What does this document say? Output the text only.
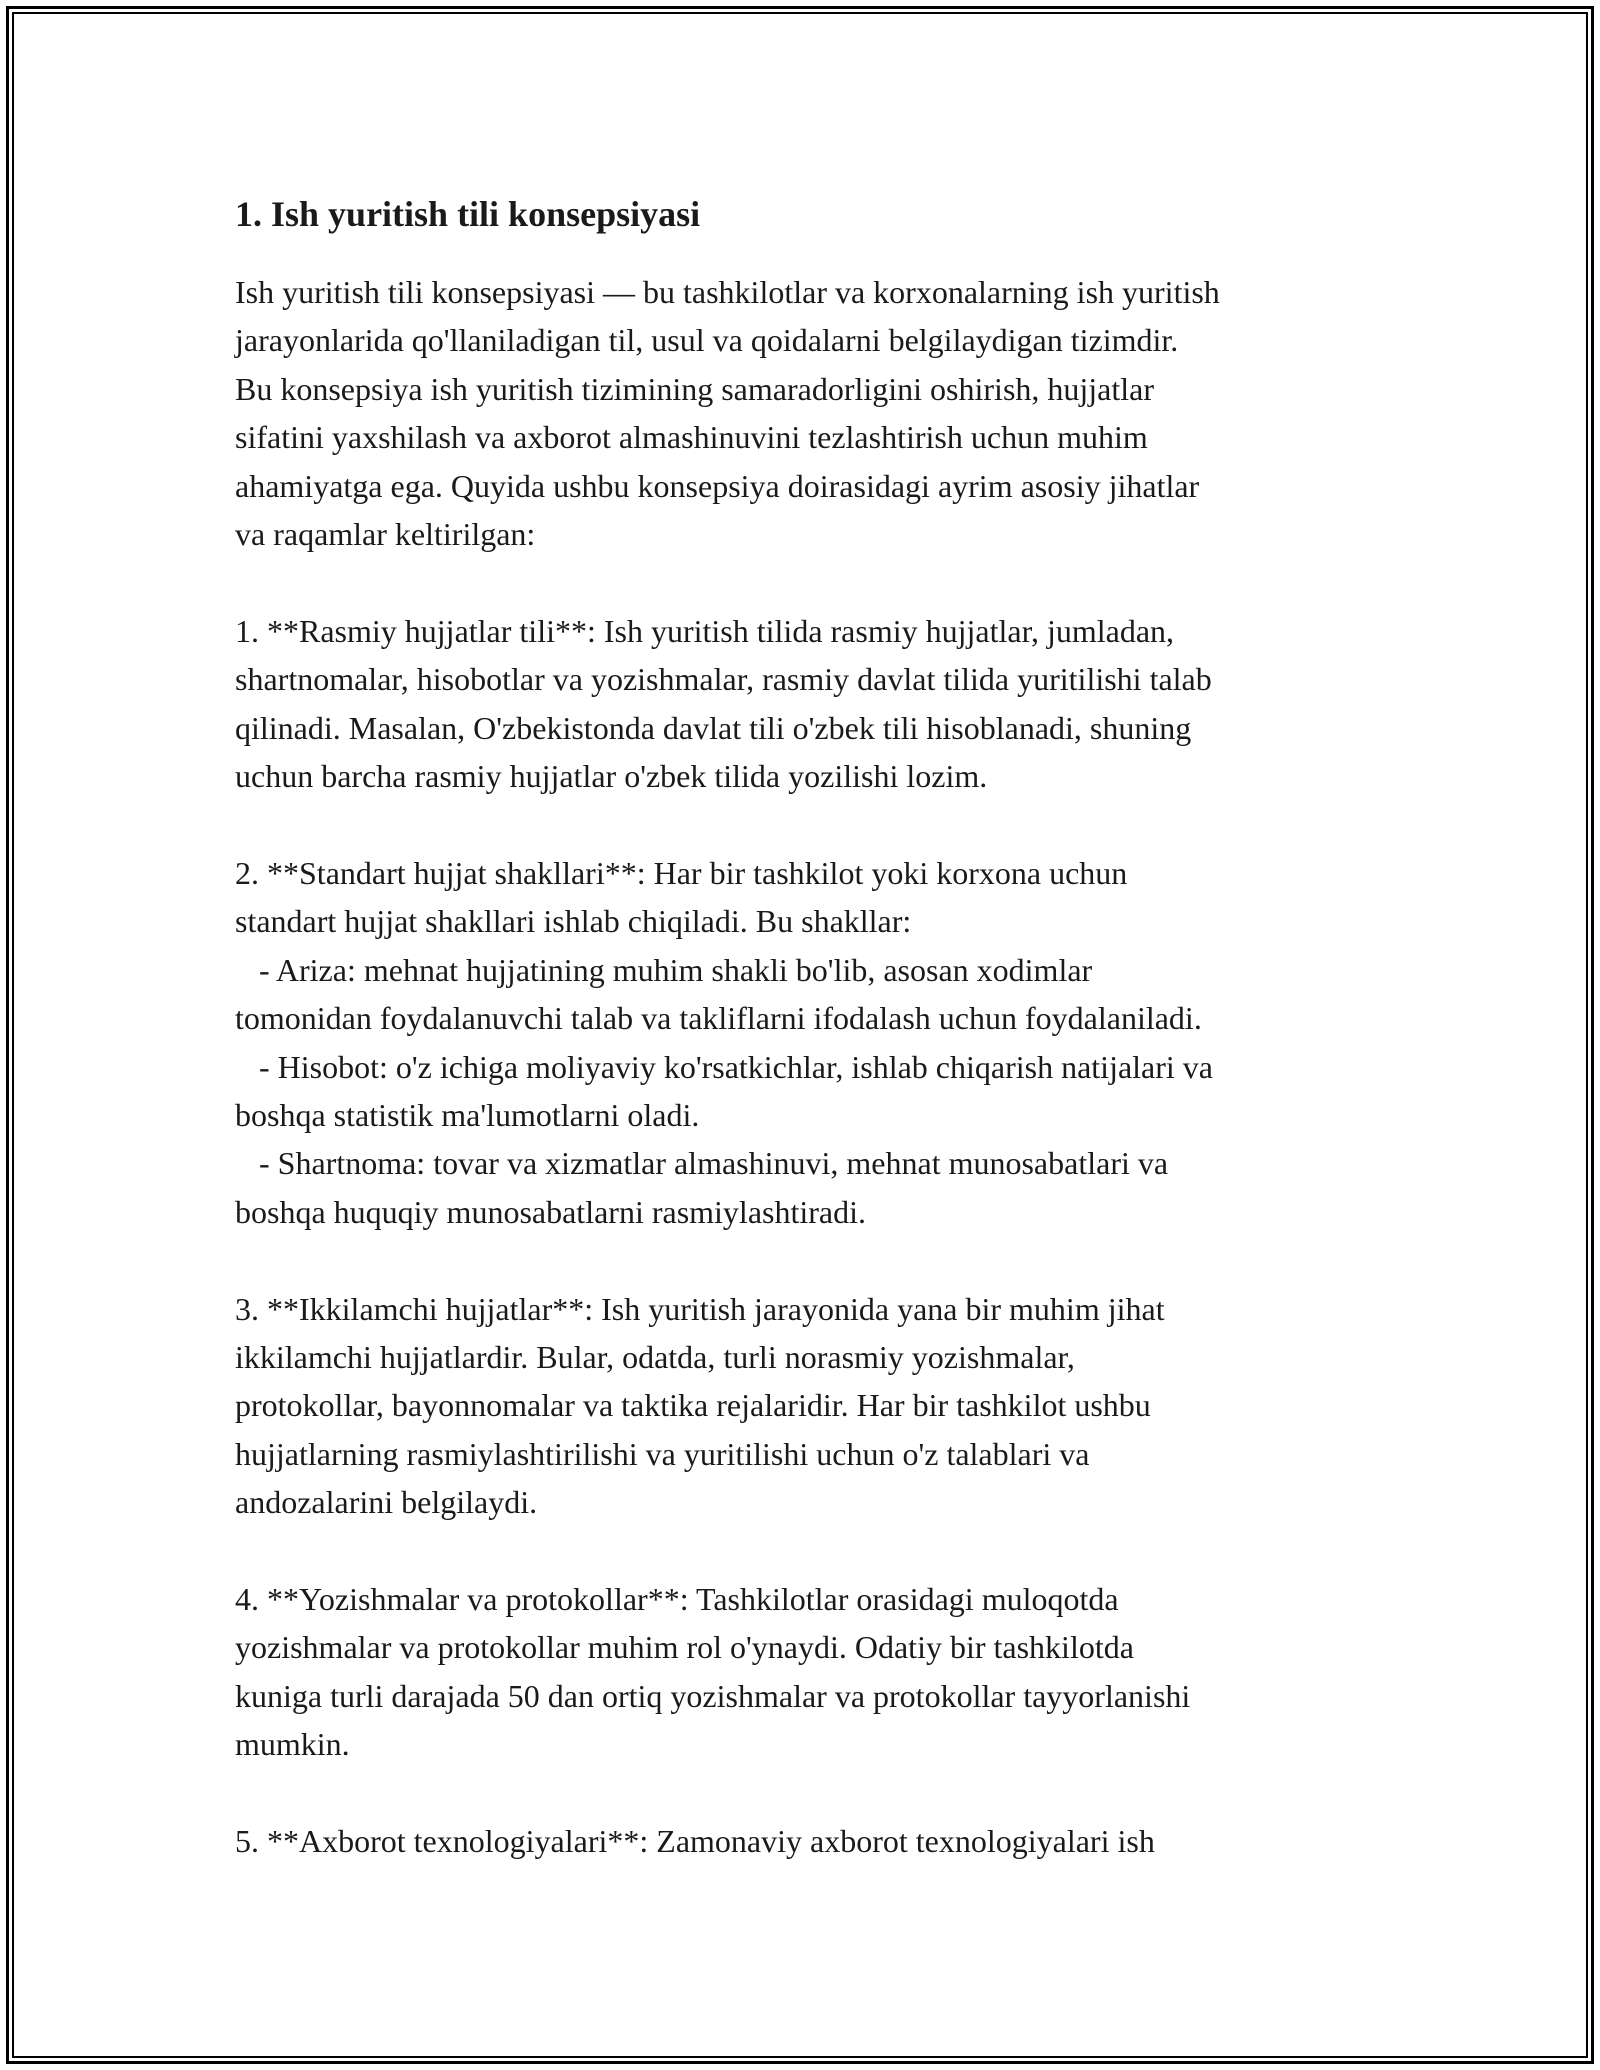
1. Ish yuritish tili konsepsiyasi

Ish yuritish tili konsepsiyasi — bu tashkilotlar va korxonalarning ish yuritish
jarayonlarida qo'llaniladigan til, usul va qoidalarni belgilaydigan tizimdir.
Bu konsepsiya ish yuritish tizimining samaradorligini oshirish, hujjatlar
sifatini yaxshilash va axborot almashinuvini tezlashtirish uchun muhim
ahamiyatga ega. Quyida ushbu konsepsiya doirasidagi ayrim asosiy jihatlar
va raqamlar keltirilgan:

1. **Rasmiy hujjatlar tili**: Ish yuritish tilida rasmiy hujjatlar, jumladan,
shartnomalar, hisobotlar va yozishmalar, rasmiy davlat tilida yuritilishi talab
qilinadi. Masalan, O'zbekistonda davlat tili o'zbek tili hisoblanadi, shuning
uchun barcha rasmiy hujjatlar o'zbek tilida yozilishi lozim.

2. **Standart hujjat shakllari**: Har bir tashkilot yoki korxona uchun
standart hujjat shakllari ishlab chiqiladi. Bu shakllar:
- Ariza: mehnat hujjatining muhim shakli bo'lib, asosan xodimlar
tomonidan foydalanuvchi talab va takliflarni ifodalash uchun foydalaniladi.
- Hisobot: o'z ichiga moliyaviy ko'rsatkichlar, ishlab chiqarish natijalari va
boshqa statistik ma'lumotlarni oladi.
- Shartnoma: tovar va xizmatlar almashinuvi, mehnat munosabatlari va
boshqa huquqiy munosabatlarni rasmiylashtiradi.

3. **Ikkilamchi hujjatlar**: Ish yuritish jarayonida yana bir muhim jihat
ikkilamchi hujjatlardir. Bular, odatda, turli norasmiy yozishmalar,
protokollar, bayonnomalar va taktika rejalaridir. Har bir tashkilot ushbu
hujjatlarning rasmiylashtirilishi va yuritilishi uchun o'z talablari va
andozalarini belgilaydi.

4. **Yozishmalar va protokollar**: Tashkilotlar orasidagi muloqotda
yozishmalar va protokollar muhim rol o'ynaydi. Odatiy bir tashkilotda
kuniga turli darajada 50 dan ortiq yozishmalar va protokollar tayyorlanishi
mumkin.

5. **Axborot texnologiyalari**: Zamonaviy axborot texnologiyalari ish
